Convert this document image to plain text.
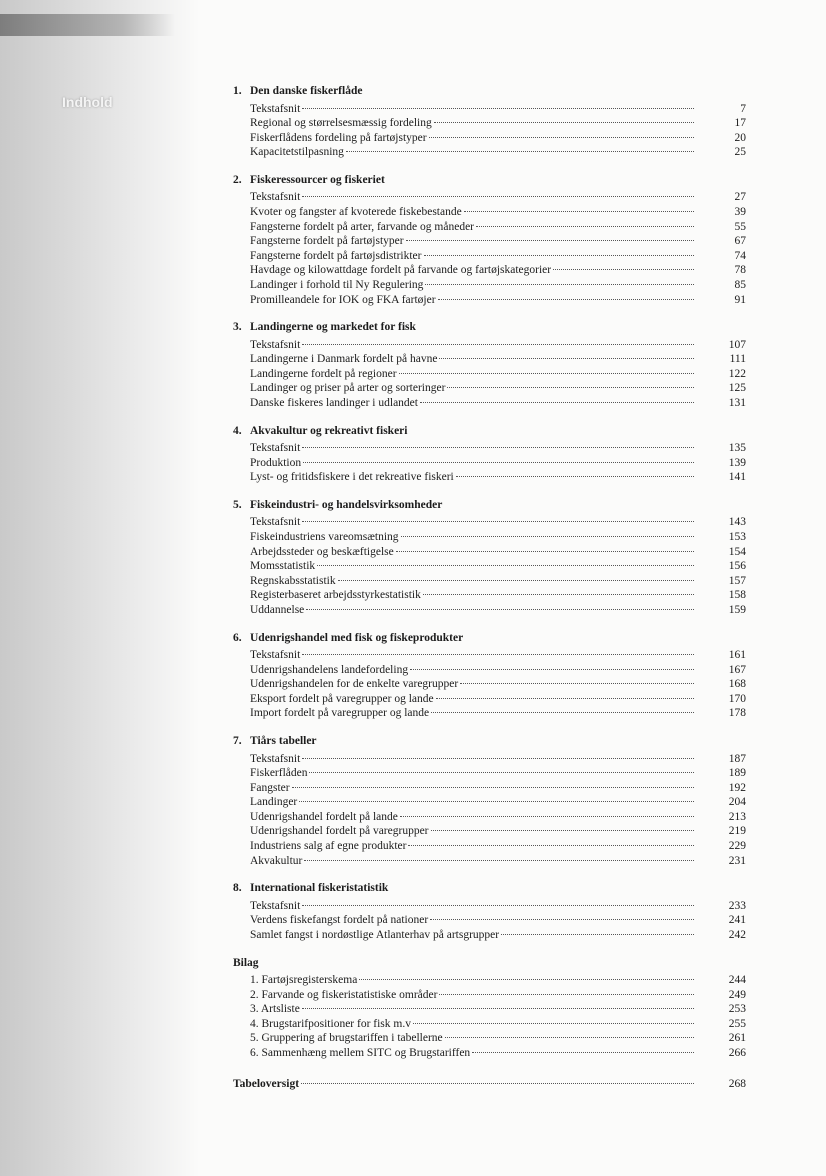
Indhold
1. Den danske fiskerflåde
Tekstafsnit	7
Regional og størrelsesmæssig fordeling	17
Fiskerflådens fordeling på fartøjstyper	20
Kapacitetstilpasning	25
2. Fiskeressourcer og fiskeriet
Tekstafsnit	27
Kvoter og fangster af kvoterede fiskebestande	39
Fangsterne fordelt på arter, farvande og måneder	55
Fangsterne fordelt på fartøjstyper	67
Fangsterne fordelt på fartøjsdistrikter	74
Havdage og kilowattdage fordelt på farvande og fartøjskategorier	78
Landinger i forhold til Ny Regulering	85
Promilleandele for IOK og FKA fartøjer	91
3. Landingerne og markedet for fisk
Tekstafsnit	107
Landingerne i Danmark fordelt på havne	111
Landingerne fordelt på regioner	122
Landinger og priser på arter og sorteringer	125
Danske fiskeres landinger i udlandet	131
4. Akvakultur og rekreativt fiskeri
Tekstafsnit	135
Produktion	139
Lyst- og fritidsfiskere i det rekreative fiskeri	141
5. Fiskeindustri- og handelsvirksomheder
Tekstafsnit	143
Fiskeindustriens vareomsætning	153
Arbejdssteder og beskæftigelse	154
Momsstatistik	156
Regnskabsstatistik	157
Registerbaseret arbejdsstyrkestatistik	158
Uddannelse	159
6. Udenrigshandel med fisk og fiskeprodukter
Tekstafsnit	161
Udenrigshandelens landefordeling	167
Udenrigshandelen for de enkelte varegrupper	168
Eksport fordelt på varegrupper og lande	170
Import fordelt på varegrupper og lande	178
7. Tiårs tabeller
Tekstafsnit	187
Fiskerflåden	189
Fangster	192
Landinger	204
Udenrigshandel fordelt på lande	213
Udenrigshandel fordelt på varegrupper	219
Industriens salg af egne produkter	229
Akvakultur	231
8. International fiskeristatistik
Tekstafsnit	233
Verdens fiskefangst fordelt på nationer	241
Samlet fangst i nordøstlige Atlanterhav på artsgrupper	242
Bilag
1. Fartøjsregisterskema	244
2. Farvande og fiskeristatistiske områder	249
3. Artsliste	253
4. Brugstarifpositioner for fisk m.v	255
5. Gruppering af brugstariffen i tabellerne	261
6. Sammenhæng mellem SITC og Brugstariffen	266
Tabeloversigt	268
